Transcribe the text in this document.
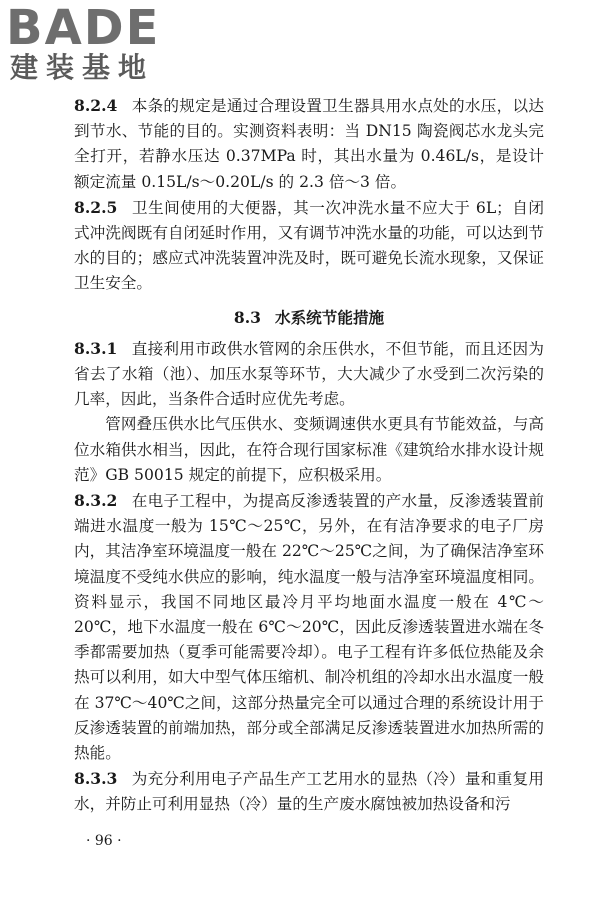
BADE
建装基地

8.2.4 本条的规定是通过合理设置卫生器具用水点处的水压，以达到节水、节能的目的。实测资料表明：当 DN15 陶瓷阀芯水龙头完全打开，若静水压达 0.37MPa 时，其出水量为 0.46L/s，是设计额定流量 0.15L/s～0.20L/s 的 2.3 倍～3 倍。

8.2.5 卫生间使用的大便器，其一次冲洗水量不应大于 6L；自闭式冲洗阀既有自闭延时作用，又有调节冲洗水量的功能，可以达到节水的目的；感应式冲洗装置冲洗及时，既可避免长流水现象，又保证卫生安全。

8.3 水系统节能措施

8.3.1 直接利用市政供水管网的余压供水，不但节能，而且还因为省去了水箱（池）、加压水泵等环节，大大减少了水受到二次污染的几率，因此，当条件合适时应优先考虑。

管网叠压供水比气压供水、变频调速供水更具有节能效益，与高位水箱供水相当，因此，在符合现行国家标准《建筑给水排水设计规范》GB 50015 规定的前提下，应积极采用。

8.3.2 在电子工程中，为提高反渗透装置的产水量，反渗透装置前端进水温度一般为 15℃～25℃，另外，在有洁净要求的电子厂房内，其洁净室环境温度一般在 22℃～25℃之间，为了确保洁净室环境温度不受纯水供应的影响，纯水温度一般与洁净室环境温度相同。资料显示，我国不同地区最冷月平均地面水温度一般在 4℃～20℃，地下水温度一般在 6℃～20℃，因此反渗透装置进水端在冬季都需要加热（夏季可能需要冷却）。电子工程有许多低位热能及余热可以利用，如大中型气体压缩机、制冷机组的冷却水出水温度一般在 37℃～40℃之间，这部分热量完全可以通过合理的系统设计用于反渗透装置的前端加热，部分或全部满足反渗透装置进水加热所需的热能。

8.3.3 为充分利用电子产品生产工艺用水的显热（冷）量和重复用水，并防止可利用显热（冷）量的生产废水腐蚀被加热设备和污

· 96 ·
